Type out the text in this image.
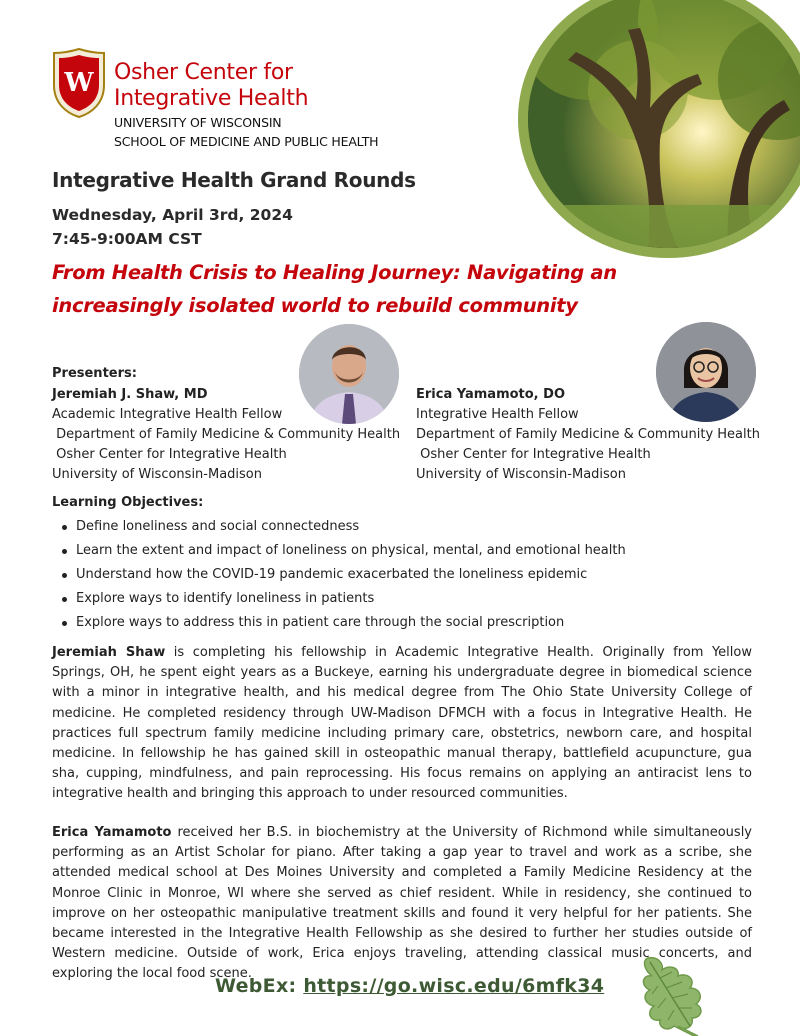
W Osher Center for
Integrative Health
UNIVERSITY OF WISCONSIN
SCHOOL OF MEDICINE AND PUBLIC HEALTH
Integrative Health Grand Rounds
Wednesday, April 3rd, 2024
7:45-9:00AM CST
From Health Crisis to Healing Journey: Navigating an
increasingly isolated world to rebuild community
Presenters:
Jeremiah J. Shaw, MD
Academic Integrative Health Fellow
Department of Family Medicine & Community Health
Osher Center for Integrative Health
University of Wisconsin-Madison
Erica Yamamoto, DO
Integrative Health Fellow
Department of Family Medicine & Community Health
Osher Center for Integrative Health
University of Wisconsin-Madison
Learning Objectives:
Define loneliness and social connectedness
Learn the extent and impact of loneliness on physical, mental, and emotional health
Understand how the COVID-19 pandemic exacerbated the loneliness epidemic
Explore ways to identify loneliness in patients
Explore ways to address this in patient care through the social prescription

Jeremiah Shaw is completing his fellowship in Academic Integrative Health. Originally from Yellow Springs, OH, he spent eight years as a Buckeye, earning his undergraduate degree in biomedical science with a minor in integrative health, and his medical degree from The Ohio State University College of medicine. He completed residency through UW-Madison DFMCH with a focus in Integrative Health. He practices full spectrum family medicine including primary care, obstetrics, newborn care, and hospital medicine. In fellowship he has gained skill in osteopathic manual therapy, battlefield acupuncture, gua sha, cupping, mindfulness, and pain reprocessing. His focus remains on applying an antiracist lens to integrative health and bringing this approach to under resourced communities.

Erica Yamamoto received her B.S. in biochemistry at the University of Richmond while simultaneously performing as an Artist Scholar for piano. After taking a gap year to travel and work as a scribe, she attended medical school at Des Moines University and completed a Family Medicine Residency at the Monroe Clinic in Monroe, WI where she served as chief resident. While in residency, she continued to improve on her osteopathic manipulative treatment skills and found it very helpful for her patients. She became interested in the Integrative Health Fellowship as she desired to further her studies outside of Western medicine. Outside of work, Erica enjoys traveling, attending classical music concerts, and exploring the local food scene.

WebEx: https://go.wisc.edu/6mfk34
